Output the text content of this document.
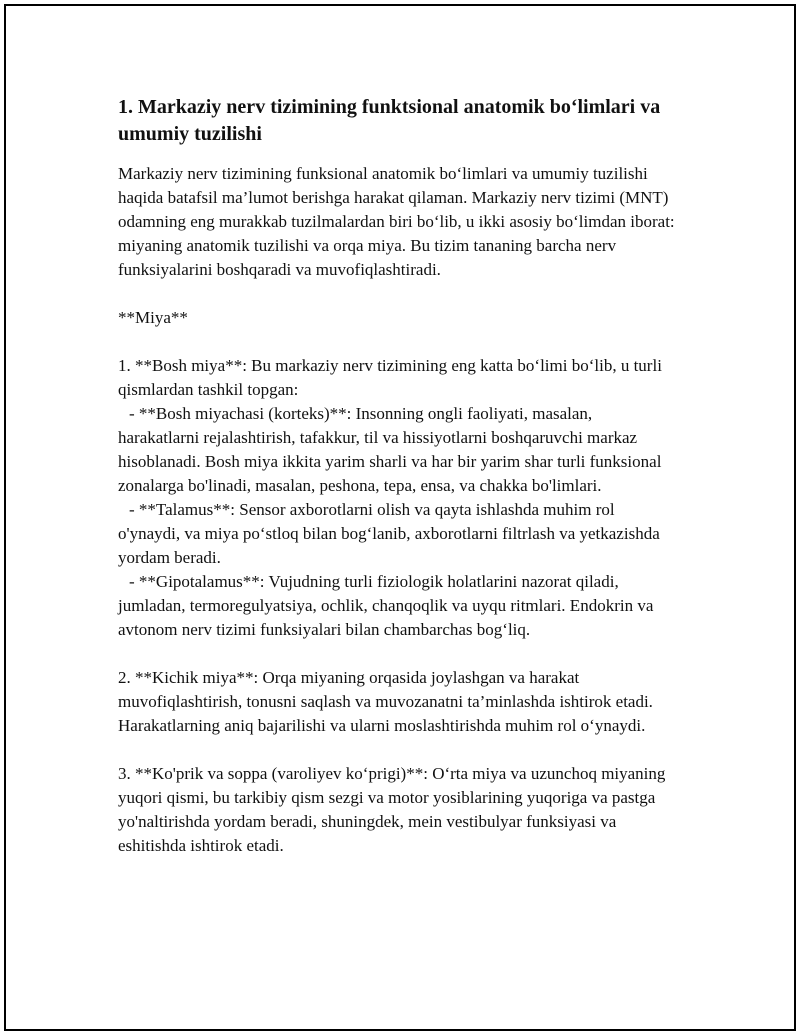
1. Markaziy nerv tizimining funktsional anatomik bo‘limlari va umumiy tuzilishi

Markaziy nerv tizimining funksional anatomik bo‘limlari va umumiy tuzilishi haqida batafsil ma’lumot berishga harakat qilaman. Markaziy nerv tizimi (MNT) odamning eng murakkab tuzilmalardan biri bo‘lib, u ikki asosiy bo‘limdan iborat: miyaning anatomik tuzilishi va orqa miya. Bu tizim tananing barcha nerv funksiyalarini boshqaradi va muvofiqlashtiradi.

**Miya**

1. **Bosh miya**: Bu markaziy nerv tizimining eng katta bo‘limi bo‘lib, u turli qismlardan tashkil topgan:

- **Bosh miyachasi (korteks)**: Insonning ongli faoliyati, masalan,

harakatlarni rejalashtirish, tafakkur, til va hissiyotlarni boshqaruvchi markaz hisoblanadi. Bosh miya ikkita yarim sharli va har bir yarim shar turli funksional zonalarga bo'linadi, masalan, peshona, tepa, ensa, va chakka bo'limlari.

- **Talamus**: Sensor axborotlarni olish va qayta ishlashda muhim rol

o'ynaydi, va miya po‘stloq bilan bog‘lanib, axborotlarni filtrlash va yetkazishda yordam beradi.

- **Gipotalamus**: Vujudning turli fiziologik holatlarini nazorat qiladi,

jumladan, termoregulyatsiya, ochlik, chanqoqlik va uyqu ritmlari. Endokrin va avtonom nerv tizimi funksiyalari bilan chambarchas bog‘liq.

2. **Kichik miya**: Orqa miyaning orqasida joylashgan va harakat muvofiqlashtirish, tonusni saqlash va muvozanatni ta’minlashda ishtirok etadi. Harakatlarning aniq bajarilishi va ularni moslashtirishda muhim rol o‘ynaydi.

3. **Ko'prik va soppa (varoliyev ko‘prigi)**: O‘rta miya va uzunchoq miyaning yuqori qismi, bu tarkibiy qism sezgi va motor yosiblarining yuqoriga va pastga yo'naltirishda yordam beradi, shuningdek, mein vestibulyar funksiyasi va eshitishda ishtirok etadi.
